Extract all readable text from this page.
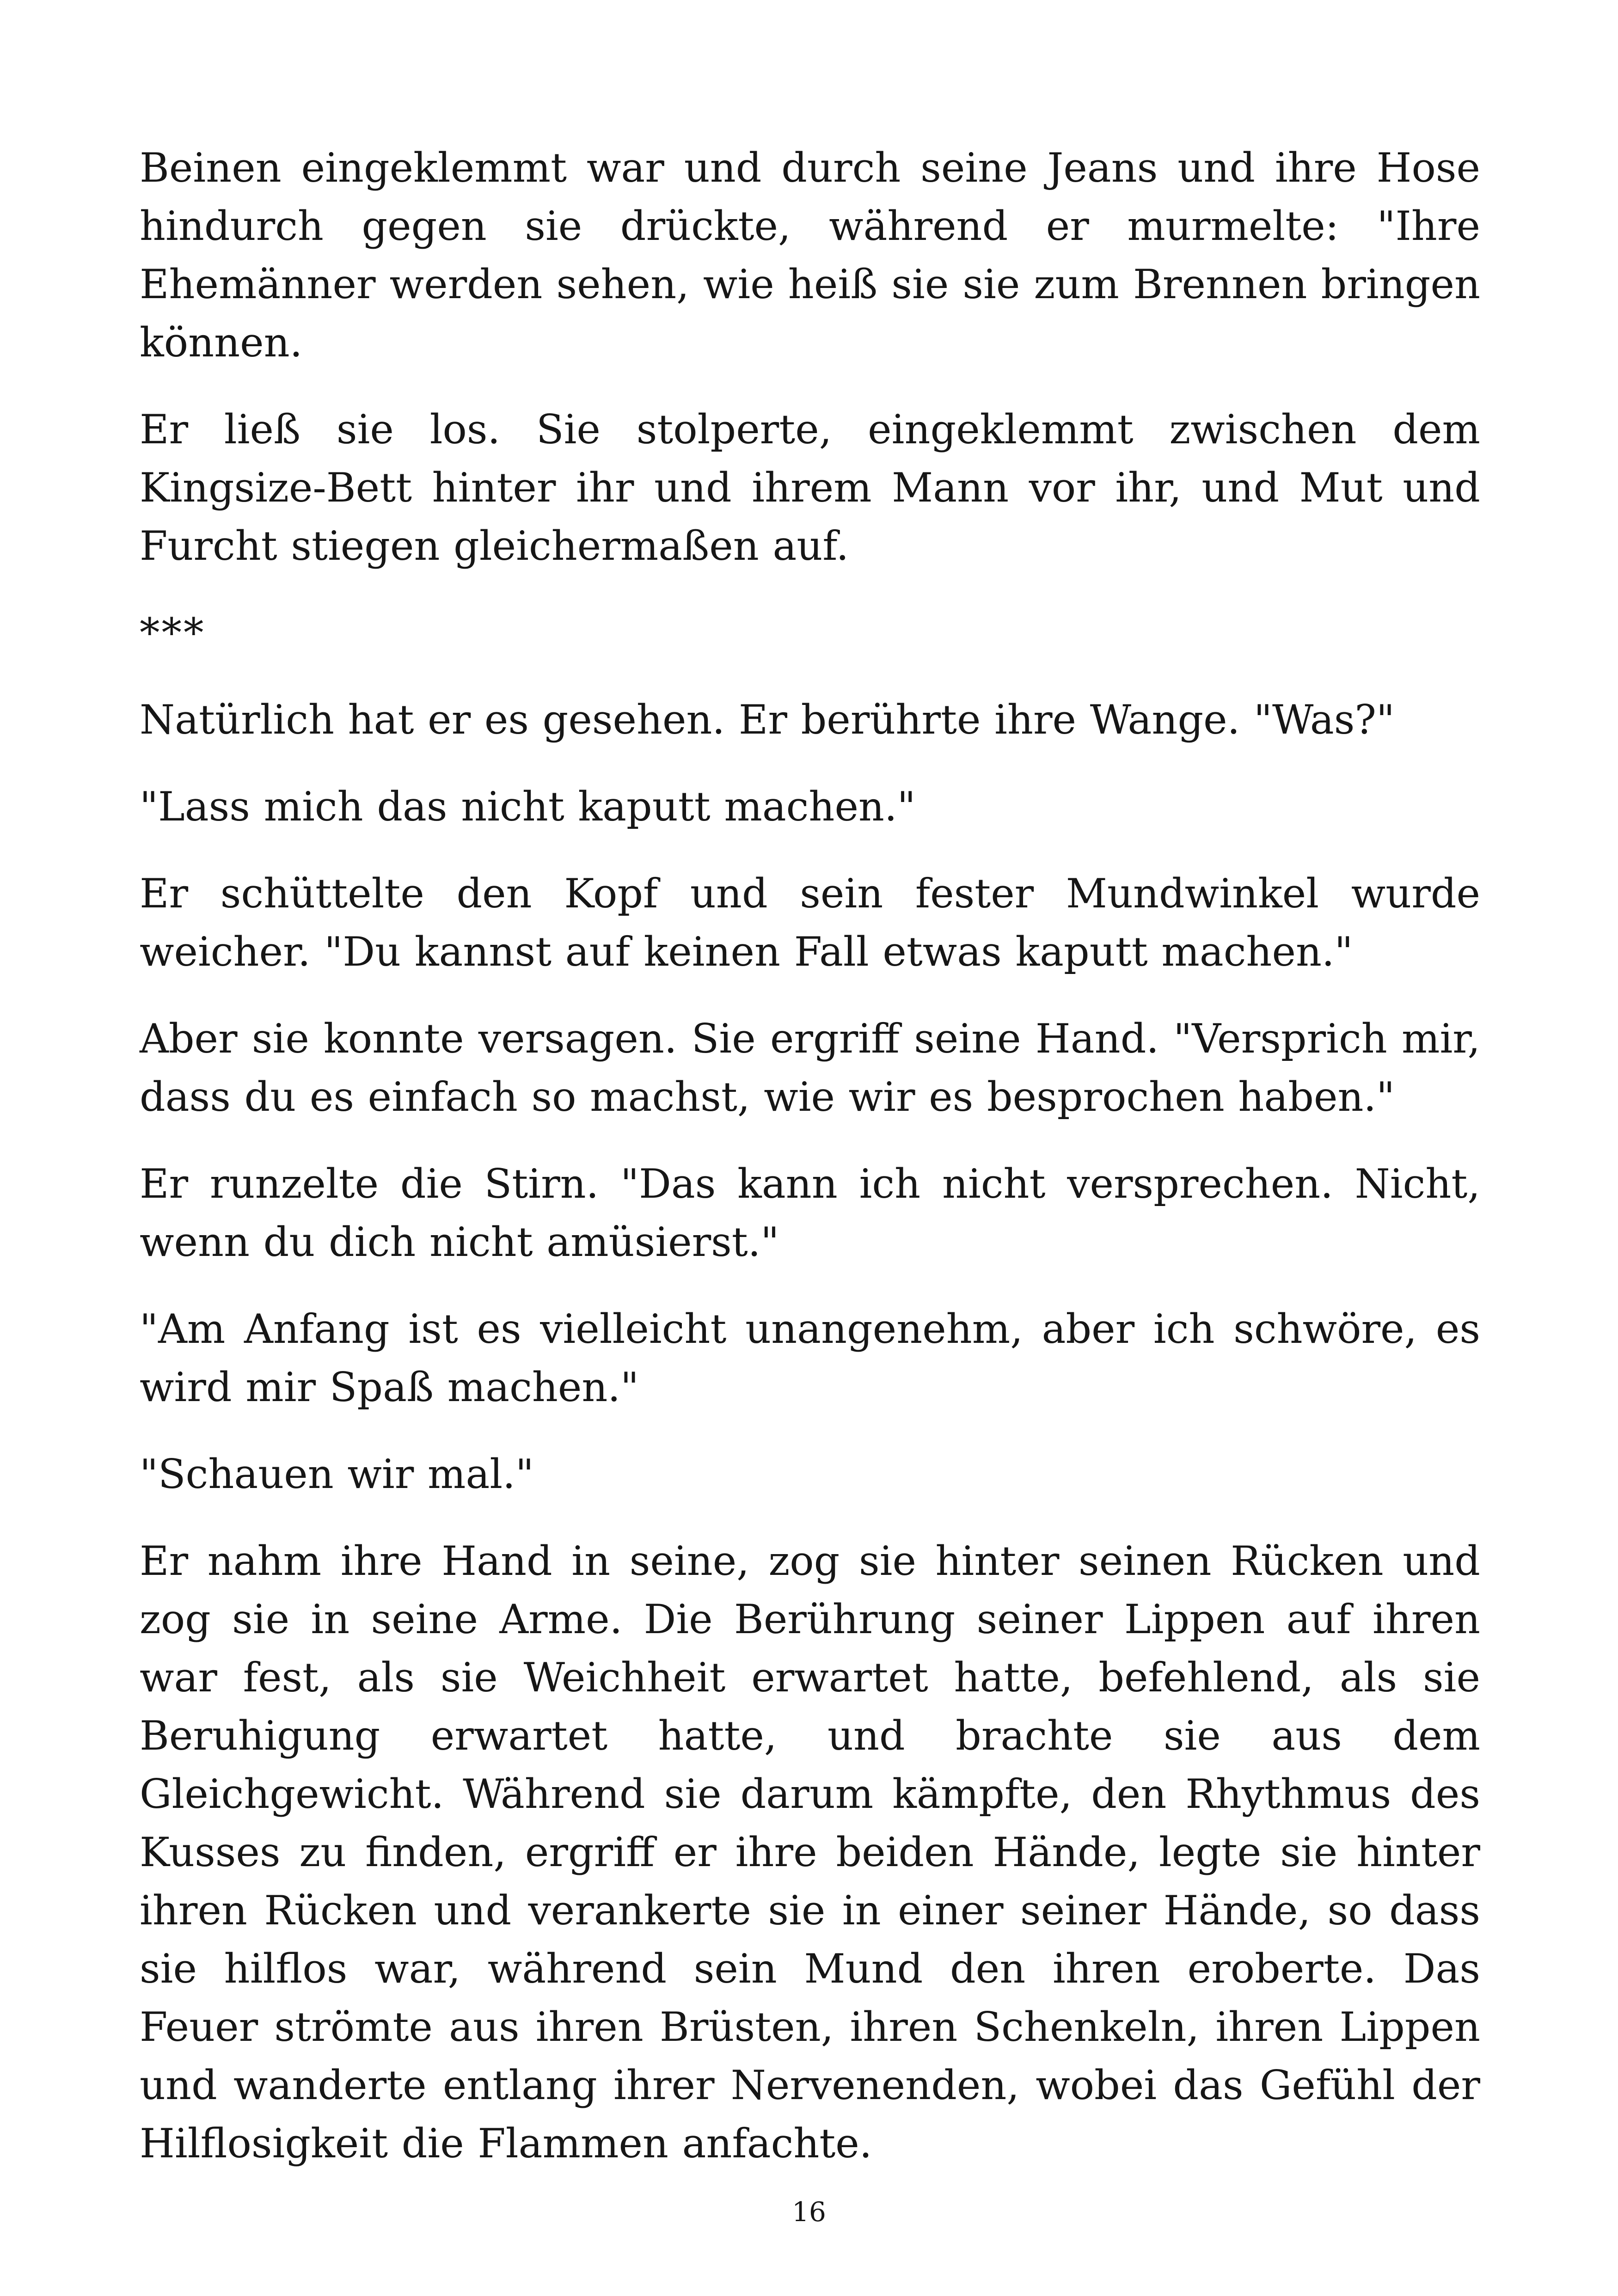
Beinen eingeklemmt war und durch seine Jeans und ihre Hose hindurch gegen sie drückte, während er murmelte: "Ihre Ehemänner werden sehen, wie heiß sie sie zum Brennen bringen können.

Er ließ sie los. Sie stolperte, eingeklemmt zwischen dem Kingsize-Bett hinter ihr und ihrem Mann vor ihr, und Mut und Furcht stiegen gleichermaßen auf.

***

Natürlich hat er es gesehen. Er berührte ihre Wange. "Was?"

"Lass mich das nicht kaputt machen."

Er schüttelte den Kopf und sein fester Mundwinkel wurde weicher. "Du kannst auf keinen Fall etwas kaputt machen."

Aber sie konnte versagen. Sie ergriff seine Hand. "Versprich mir, dass du es einfach so machst, wie wir es besprochen haben."

Er runzelte die Stirn. "Das kann ich nicht versprechen. Nicht, wenn du dich nicht amüsierst."

"Am Anfang ist es vielleicht unangenehm, aber ich schwöre, es wird mir Spaß machen."

"Schauen wir mal."

Er nahm ihre Hand in seine, zog sie hinter seinen Rücken und zog sie in seine Arme. Die Berührung seiner Lippen auf ihren war fest, als sie Weichheit erwartet hatte, befehlend, als sie Beruhigung erwartet hatte, und brachte sie aus dem Gleichgewicht. Während sie darum kämpfte, den Rhythmus des Kusses zu finden, ergriff er ihre beiden Hände, legte sie hinter ihren Rücken und verankerte sie in einer seiner Hände, so dass sie hilflos war, während sein Mund den ihren eroberte. Das Feuer strömte aus ihren Brüsten, ihren Schenkeln, ihren Lippen und wanderte entlang ihrer Nervenenden, wobei das Gefühl der Hilflosigkeit die Flammen anfachte.

16
